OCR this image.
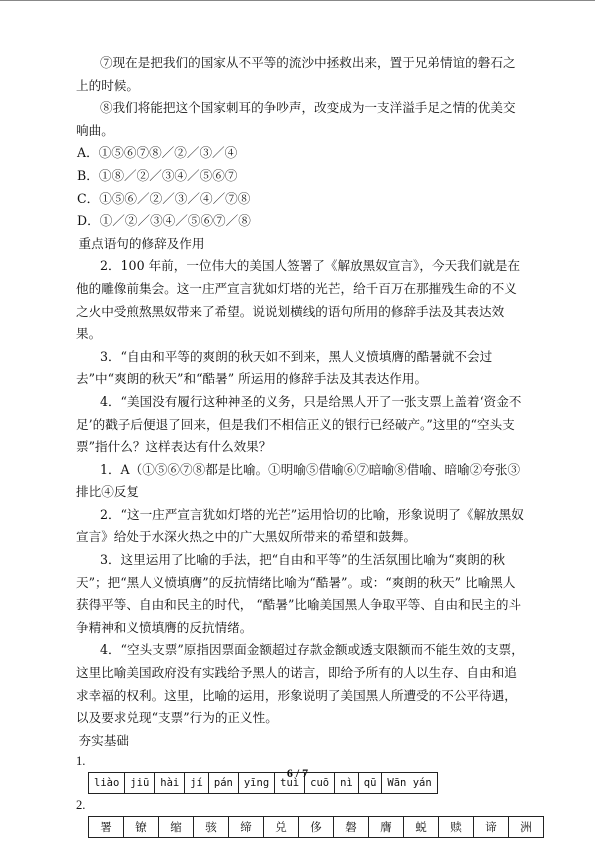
⑦现在是把我们的国家从不平等的流沙中拯救出来，置于兄弟情谊的磐石之上的时候。

⑧我们将能把这个国家刺耳的争吵声，改变成为一支洋溢手足之情的优美交响曲。

A．①⑤⑥⑦⑧／②／③／④

B．①⑧／②／③④／⑤⑥⑦

C．①⑤⑥／②／③／④／⑦⑧

D．①／②／③④／⑤⑥⑦／⑧

重点语句的修辞及作用

2．100 年前，一位伟大的美国人签署了《解放黑奴宣言》，今天我们就是在他的雕像前集会。这一庄严宣言犹如灯塔的光芒，给千百万在那摧残生命的不义之火中受煎熬黑奴带来了希望。说说划横线的语句所用的修辞手法及其表达效果。

3．“自由和平等的爽朗的秋天如不到来，黑人义愤填膺的酷暑就不会过去”中“爽朗的秋天”和“酷暑” 所运用的修辞手法及其表达作用。

4．“美国没有履行这种神圣的义务，只是给黑人开了一张支票上盖着‘资金不足’的戳子后便退了回来，但是我们不相信正义的银行已经破产。”这里的“空头支票”指什么？这样表达有什么效果？

1．A（①⑤⑥⑦⑧都是比喻。①明喻⑤借喻⑥⑦暗喻⑧借喻、暗喻②夸张③排比④反复

2．“这一庄严宣言犹如灯塔的光芒”运用恰切的比喻，形象说明了《解放黑奴宣言》给处于水深火热之中的广大黑奴所带来的希望和鼓舞。

3．这里运用了比喻的手法，把“自由和平等”的生活氛围比喻为“爽朗的秋天”；把“黑人义愤填膺”的反抗情绪比喻为“酷暑”。或：“爽朗的秋天” 比喻黑人获得平等、自由和民主的时代， “酷暑”比喻美国黑人争取平等、自由和民主的斗争精神和义愤填膺的反抗情绪。

4．“空头支票”原指因票面金额超过存款金额或透支限额而不能生效的支票，这里比喻美国政府没有实践给予黑人的诺言，即给予所有的人以生存、自由和追求幸福的权利。这里，比喻的运用，形象说明了美国黑人所遭受的不公平待遇，以及要求兑现“支票”行为的正义性。

夯实基础

1.

liào	jiū	hài	jí	pán	yīng	tuì	cuō	nì	qū	Wān yán

2.

署	镣	缩	骇	缔	兑	侈	磐	膺	蜕	赎	谛	洲
6 / 7
